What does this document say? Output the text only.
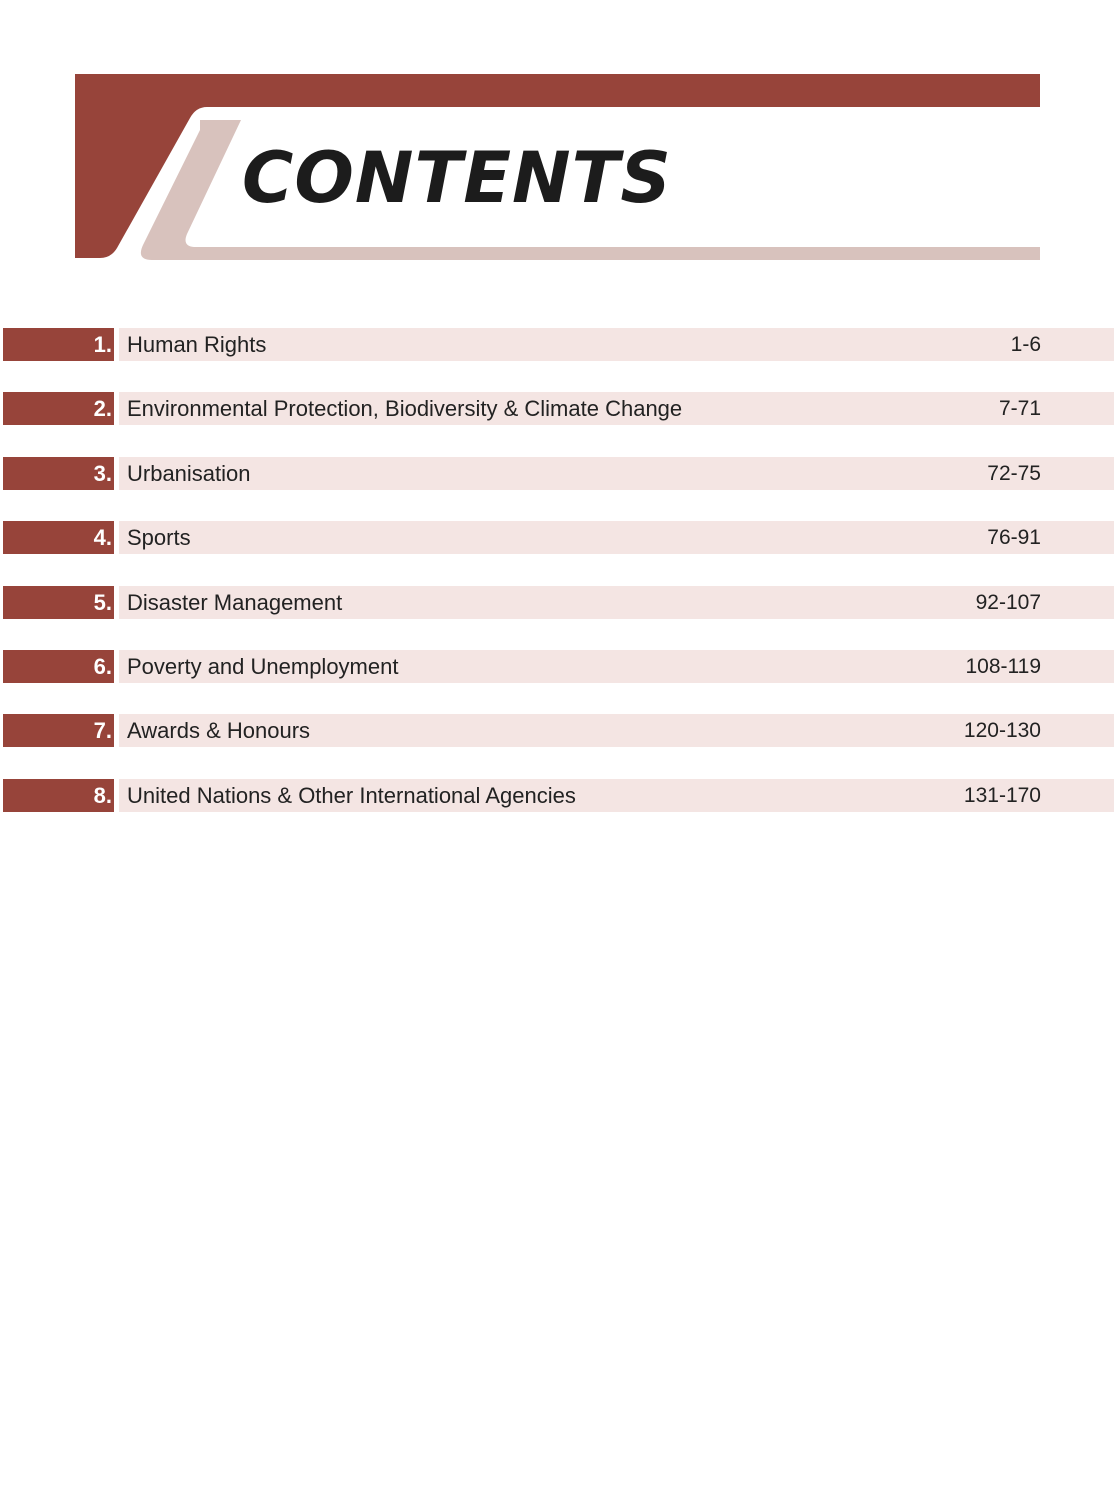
CONTENTS
1. Human Rights	1-6
2. Environmental Protection, Biodiversity & Climate Change	7-71
3. Urbanisation	72-75
4. Sports	76-91
5. Disaster Management	92-107
6. Poverty and Unemployment	108-119
7. Awards & Honours	120-130
8. United Nations & Other International Agencies	131-170
